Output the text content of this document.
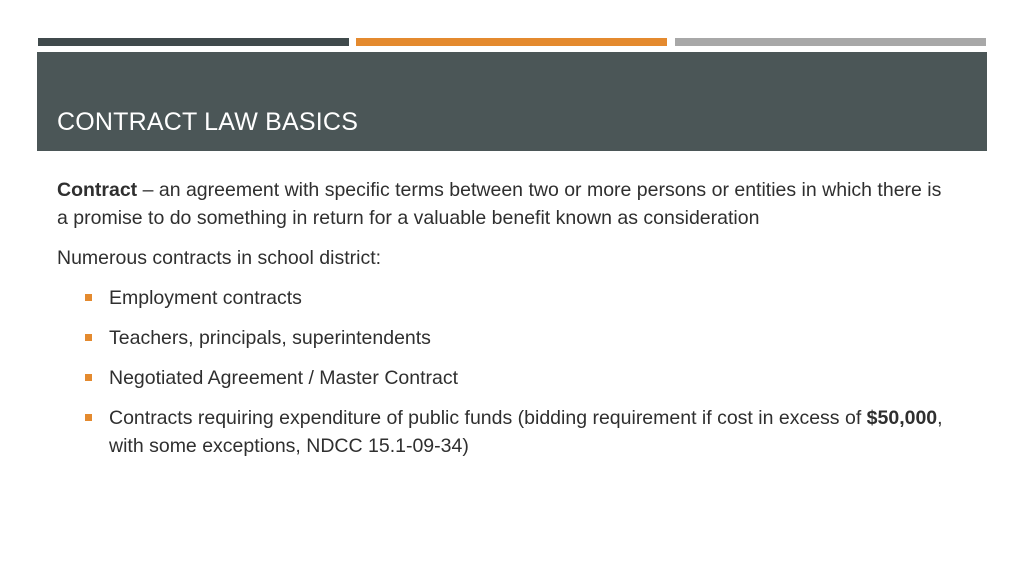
CONTRACT LAW BASICS

Contract – an agreement with specific terms between two or more persons or entities in which there is a promise to do something in return for a valuable benefit known as consideration

Numerous contracts in school district:

Employment contracts
Teachers, principals, superintendents
Negotiated Agreement / Master Contract
Contracts requiring expenditure of public funds (bidding requirement if cost in excess of $50,000, with some exceptions, NDCC 15.1-09-34)
